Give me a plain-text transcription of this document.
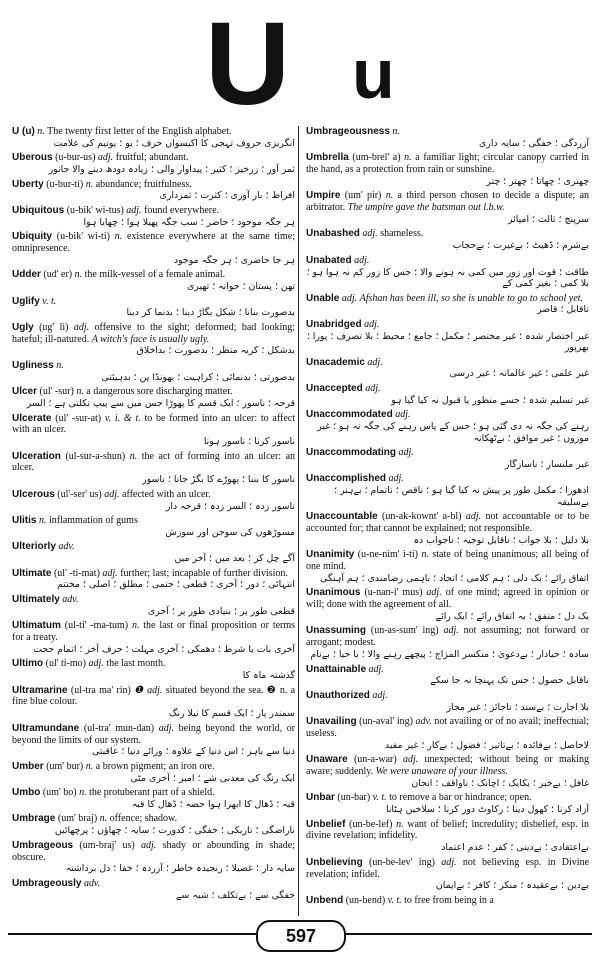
U u
U (u) n. The twenty first letter of the English alphabet.
انگریزی حروف تہجی کا اکیسواں حرف ؛ یو ؛ یونیم کی علامت
Uberous (u-bur-us) adj. fruitful; abundant.
ثمر آور ؛ زرخیز ؛ کثیر ؛ پیداوار والی ؛ زیادہ دودھ دینے والا جانور
Uberty (u-bur-ti) n. abundance; fruitfulness.
افراط ؛ بار آوری ؛ کثرت ؛ ثمرداری
Ubiquitous (u-bik' wi-tus) adj. found everywhere.
ہر جگہ موجود ؛ حاضر ؛ سب جگہ پھیلا ہوا ؛ چھایا ہوا
Ubiquity (u-bik' wi-ti) n. existence everywhere at the same time; omnipresence.
ہر جا حاضری ؛ ہر جگہ موجود
Udder (ud' er) n. the milk-vessel of a female animal.
تھن ؛ پستان ؛ حوانہ ؛ تھیری
Uglify v. t.
بدصورت بنانا ؛ شکل بگاڑ دینا ؛ بدنما کر دینا
Ugly (ug' li) adj. offensive to the sight; deformed; bad looking; hateful; ill-natured. A witch's face is usually ugly.
بدشکل ؛ کریہ منظر ؛ بدصورت ؛ بداخلاق
Ugliness n.
بدصورتی ؛ بدنمائی ؛ کراہیت ؛ بھونڈا پن ؛ بدہیئتی
Ulcer (ul' -sur) n. a dangerous sore discharging matter.
قرحہ ؛ ناسور ؛ ایک قسم کا پھوڑا جس میں سے پیپ نکلتی ہے ؛ السر
Ulcerate (ul' -sur-at) v. i. & t. to be formed into an ulcer: to affect with an ulcer.
ناسور کرنا ؛ ناسور ہونا
Ulceration (ul-sur-a-shun) n. the act of forming into an ulcer: an ulcer.
ناسور کا بننا ؛ پھوڑے کا بگڑ جانا ؛ ناسور
Ulcerous (ul'-ser' us) adj. affected with an ulcer.
ناسور زدہ ؛ السر زدہ ؛ قرحہ دار
Ulitis n. inflammation of gums
مسوڑھوں کی سوجن اور سوزش
Ulteriorly adv.
آگے چل کر ؛ بعد میں ؛ آخر میں
Ultimate (ul' -ti-mat) adj. further; last; incapable of further division.
انتہائی ؛ دور ؛ آخری ؛ قطعی ؛ حتمی ؛ مطلق ؛ اصلی ؛ مختتم
Ultimately adv.
قطعی طور پر ؛ بنیادی طور پر ؛ آخری
Ultimatum (ul-ti' -ma-tum) n. the last or final proposition or terms for a treaty.
آخری بات یا شرط ؛ دھمکی ؛ آخری مہلت ؛ حرف آخر ؛ اتمام حجت
Ultimo (ul' ti-mo) adj. the last month.
گذشتہ ماہ کا
Ultramarine (ul-tra ma' rin) ❶ adj. situated beyond the sea. ❷ n. a fine blue colour.
سمندر پار ؛ ایک قسم کا نیلا رنگ
Ultramundane (ul-tra' mun-dan) adj. being beyond the world, or beyond the limits of our system.
دنیا سے باہر ؛ اس دنیا کے علاوہ ؛ ورائے دنیا ؛ عاقبتی
Umber (um' bur) n. a brown pigment; an iron ore.
ایک رنگ کی معدنی شے ؛ امبر ؛ آخری مٹی
Umbo (um' bo) n. the protuberant part of a shield.
قبہ ؛ ڈھال کا ابھرا ہوا حصہ ؛ ڈھال کا قبہ
Umbrage (um' braj) n. offence; shadow.
ناراضگی ؛ تاریکی ؛ خفگی ؛ کدورت ؛ سایہ ؛ چھاؤں ؛ پرچھائیں
Umbrageous (um-braj' us) adj. shady or abounding in shade; obscure.
سایہ دار ؛ غصیلا ؛ رنجیدہ خاطر ؛ آزردہ ؛ خفا ؛ دل برداشتہ
Umbrageously adv.
خفگی سے ؛ بےتکلف ؛ شبہ سے
Umbrageousness n.
آزردگی ؛ خفگی ؛ سایہ داری
Umbrella (um-brel' a) n. a familiar light; circular canopy carried in the hand, as a protection from rain or sunshine.
چھتری ؛ چھاتا ؛ چھتر ؛ چتر
Umpire (um' pir) n. a third person chosen to decide a dispute; an arbitrator. The umpire gave the batsman out l.b.w.
سرپنچ ؛ ثالث ؛ امپائر
Unabashed adj. shameless.
بےشرم ؛ ڈھیٹ ؛ بےغیرت ؛ بےحجاب
Unabated adj.
طاقت ؛ قوت اور زور میں کمی نہ ہونے والا ؛ جس کا زور کم نہ ہوا ہو ؛ بلا کمی ؛ بغیر کمی کے
Unable adj. Afshan has been ill, so she is unable to go to school yet.
ناقابل ؛ قاصر
Unabridged adj.
غیر اختصار شدہ ؛ غیر مختصر ؛ مکمل ؛ جامع ؛ محیط ؛ بلا تصرف ؛ پورا ؛ بھرپور
Unacademic adj.
غیر علمی ؛ غیر عالمانہ ؛ غیر درسی
Unaccepted adj.
غیر تسلیم شدہ ؛ جسے منظور یا قبول نہ کیا گیا ہو
Unaccommodated adj.
رہنے کی جگہ نہ دی گئی ہو ؛ جس کے پاس رہنے کی جگہ نہ ہو ؛ غیر موزوں ؛ غیر موافق ؛ بےٹھکانہ
Unaccommodating adj.
غیر ملنسار ؛ ناسازگار
Unaccomplished adj.
ادھورا ؛ مکمل طور پر پیش نہ کیا گیا ہو ؛ ناقص ؛ ناتمام ؛ بےہنر ؛ بےسلیقہ
Unaccountable (un-ak-kownt' a-bl) adj. not accountable or to be accounted for; that cannot be explained; not responsible.
بلا دلیل ؛ بلا جواب ؛ ناقابل توجیہ ؛ ناجواب دہ
Unanimity (u-ne-nim' i-ti) n. state of being unanimous; all being of one mind.
اتفاق رائے ؛ یک دلی ؛ ہم کلامی ؛ اتحاد ؛ باہمی رضامندی ؛ ہم آہنگی
Unanimous (u-nan-i' mus) adj. of one mind; agreed in opinion or will; done with the agreement of all.
یک دل ؛ متفق ؛ بہ اتفاق رائے ؛ ایک رائے
Unassuming (un-as-sum' ing) adj. not assuming; not forward or arrogant; modest.
سادہ ؛ حیادار ؛ بےدعویٰ ؛ منکسر المزاج ؛ پیچھے رہنے والا ؛ با حیا ؛ بےنام
Unattainable adj.
ناقابل حصول ؛ جس تک پہنچا نہ جا سکے
Unauthorized adj.
بلا اجازت ؛ بےسند ؛ ناجائز ؛ غیر مجاز
Unavailing (un-aval' ing) adv. not availing or of no avail; ineffectual; useless.
لاحاصل ؛ بےفائدہ ؛ بےتاثیر ؛ فضول ؛ بےکار ؛ غیر مفید
Unaware (un-a-war) adj. unexpected; without being or making aware; suddenly. We were unaware of your illness.
غافل ؛ بےخبر ؛ یکایک ؛ اچانک ؛ ناواقف ؛ انجان
Unbar (un-bar) v. t. to remove a bar or hindrance; open.
آزاد کرنا ؛ کھول دینا ؛ رکاوٹ دور کرنا ؛ سلاخیں ہٹانا
Unbelief (un-be-lef) n. want of belief; incredulity; disbelief, esp. in divine revelation; infidelity.
بےاعتقادی ؛ بےدینی ؛ کفر ؛ عدم اعتماد
Unbelieving (un-be-lev' ing) adj. not believing esp. in Divine revelation; infidel.
بےدین ؛ بےعقیدہ ؛ منکر ؛ کافر ؛ بےایمان
Unbend (un-bend) v. t. to free from being in a
597
